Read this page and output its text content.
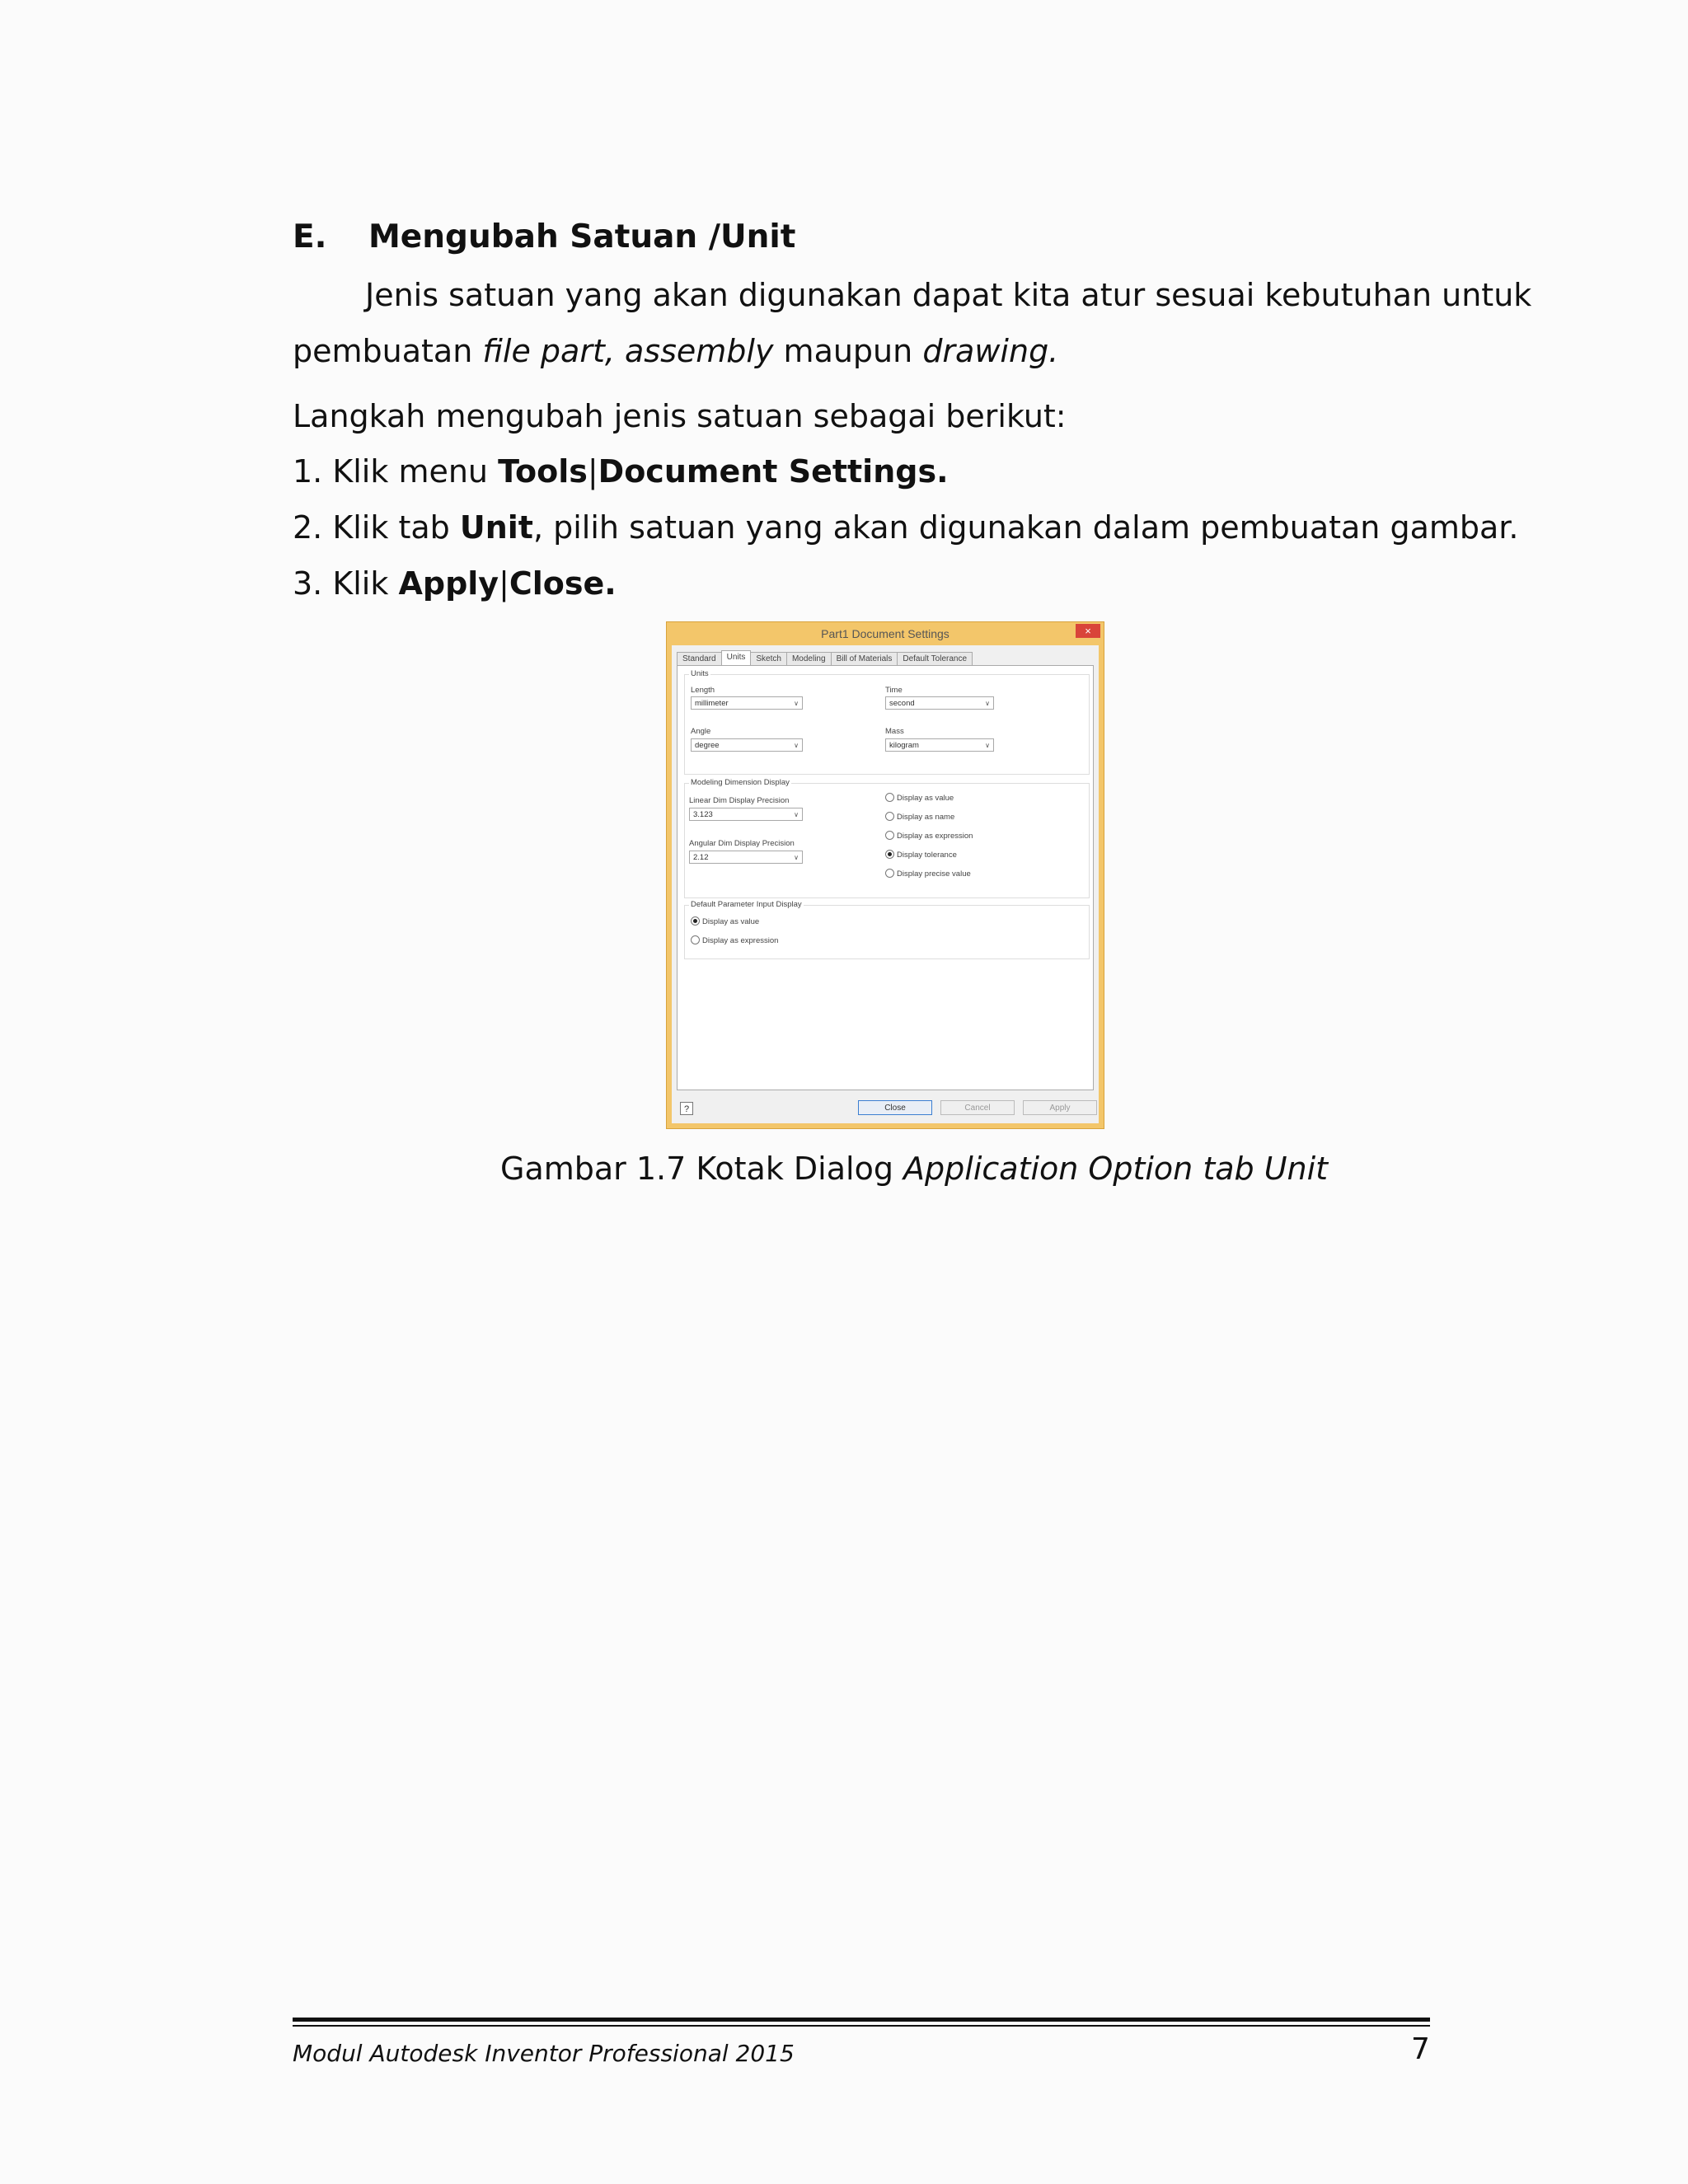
E. Mengubah Satuan /Unit
Jenis satuan yang akan digunakan dapat kita atur sesuai kebutuhan untuk
pembuatan file part, assembly maupun drawing.
Langkah mengubah jenis satuan sebagai berikut:
1. Klik menu Tools|Document Settings.
2. Klik tab Unit, pilih satuan yang akan digunakan dalam pembuatan gambar.
3. Klik Apply|Close.
Part1 Document Settings	×
Standard	Units	Sketch	Modeling	Bill of Materials	Default Tolerance
Units
Length
millimeter	∨
Angle
degree	∨
Time
second	∨
Mass
kilogram	∨
Modeling Dimension Display
Linear Dim Display Precision
3.123	∨
Angular Dim Display Precision
2.12	∨
Display as value
Display as name
Display as expression
Display tolerance
Display precise value
Default Parameter Input Display
Display as value
Display as expression
?	Close	Cancel	Apply
Gambar 1.7 Kotak Dialog Application Option tab Unit
Modul Autodesk Inventor Professional 2015	7
